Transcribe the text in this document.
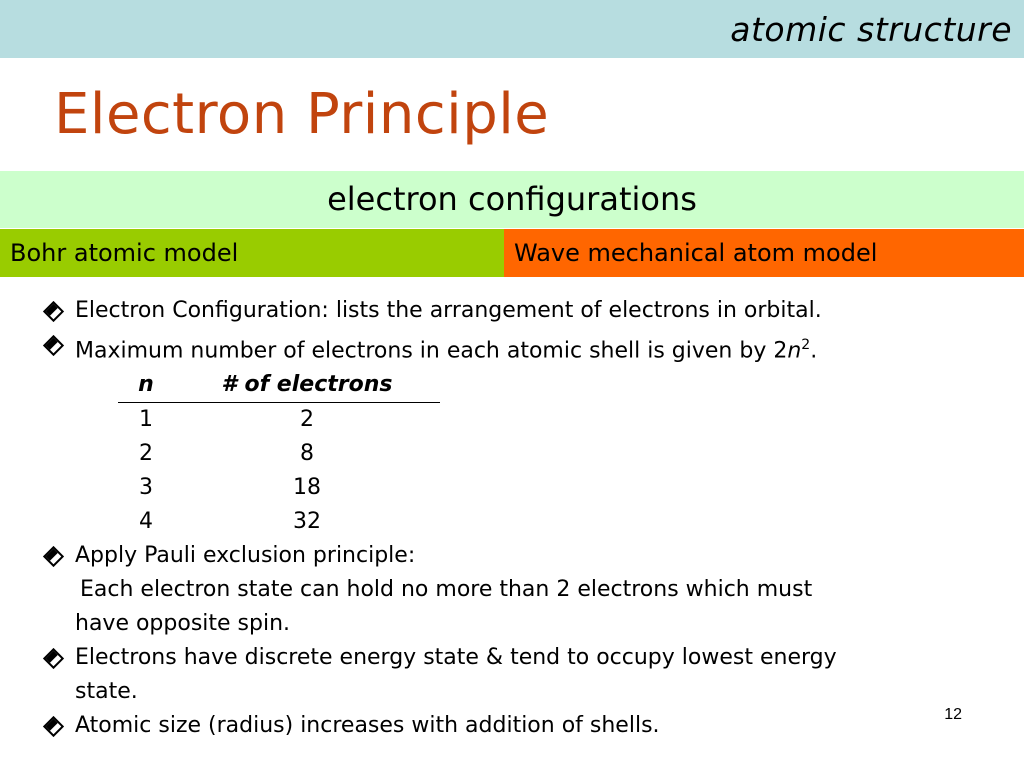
atomic structure
Electron Principle
electron configurations
Bohr atomic model	Wave mechanical atom model
Electron Configuration: lists the arrangement of electrons in orbital.
Maximum number of electrons in each atomic shell is given by $2n^2$.
n	# of electrons
1	2
2	8
3	18
4	32
Apply Pauli exclusion principle:
Each electron state can hold no more than 2 electrons which must
have opposite spin.
Electrons have discrete energy state & tend to occupy lowest energy
state.
Atomic size (radius) increases with addition of shells.	12
